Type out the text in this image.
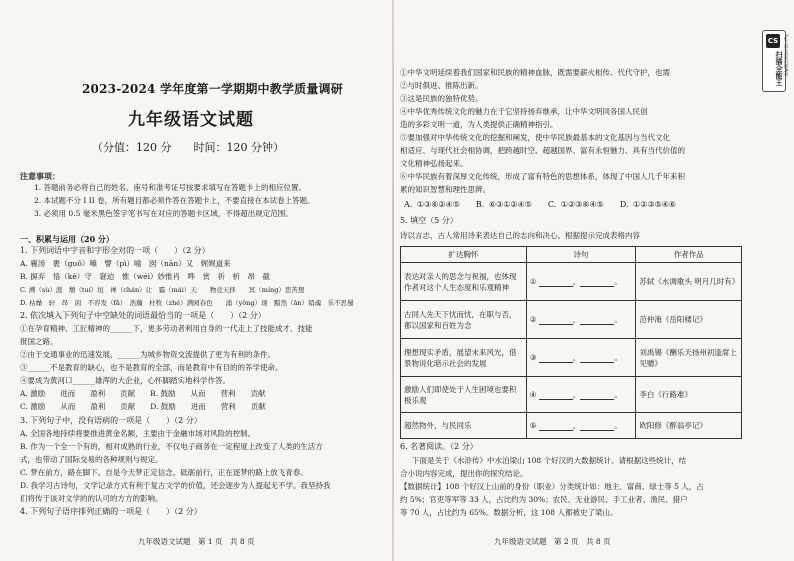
2023-2024 学年度第一学期期中教学质量调研
九年级语文试题
（分值：120 分　　时间：120 分钟）
注意事项：
1. 答题前务必将自己的姓名、座号和准考证号按要求填写在答题卡上的相应位置。
2. 本试题不分 I II 卷，所有题目都必须作答在答题卡上，不要直接在本试卷上答题。
3. 必须用 0.5 毫米黑色签字笔书写在对应的答题卡区域，不得超出规定范围。
一、积累与运用（20 分）
1. 下列词语中字音和字形全对的一项（　　）（2 分）
A. 襄汤　裹（guǒ）嗓　譬（pì）喻　囡（nān）又　娓娓道来
B. 摒弃　恪（kè）守　窘迫　惟（wéi）妙惟肖　哗　赏　祈　析　昂　截
C. 溯（sù）涯　颓（tuí）垣　禅（chán）让　霾（mái）天　　物竞天择　　冥（míng）思苦想
D. 枯燥　轩　昂　闲　不容发（fǎ）　浩瀚　杜牧（zhé）满园春色　　涌（yǒng）现　黯然（ān）销魂　乐不思蜀
2. 依次填入下列句子中空缺处的词语最恰当的一项是（　　）（2 分）
①在孕育精神、工匠精神的______下，更多劳动者利用自身的一代走上了技能成才、技能
报国之路。
②由于交通事业的迅速发展，______为城乡物资交流提供了更为有利的条件。
③______不是教育的缺心，也不是教育的全部，而是教育中有目的的养学使命。
④要成为黄河口______雄浑的大企业，心怀脚踏实地科学作答。
A. 激励　　进而　　盈利　　贡献　　B. 鼓励　　从而　　营利　　贡献
C. 激励　　从而　　盈利　　贡献　　D. 鼓励　　进而　　营利　　贡献
3. 下列句子中，没有语病的一项是（　　）（2 分）
A. 全国各地持续将要推进黄金名额，主要由于金融市场对风险的控制。
B. 作为一个全一个有的，相对成熟的行业，不仅电子商务在一定程度上改变了人类的生活方
式，也带动了国际交易的各种规则与规定。
C. 梦在前方，路在脚下。自是今天梦正定信念，砥砺前行，正在逐梦的路上放飞青春。
D. 我学习古诗句，文学记录方式有利于复古文学的价值，还会逐步为人提起无不学。我坚持我
们将传于该对文学的的认可的方方的影响。
4. 下列句子语序排列正确的一项是（　　）（2 分）
九年级语文试题　第 1 页　共 8 页
①中华文明延续着我们国家和民族的精神血脉，既需要薪火相传、代代守护，也需
②与时俱进、推陈出新。
③这是民族的独特优势。
④中华优秀传统文化的魅力在于它坚持扬弃继承，让中华文明同各国人民创
造的多彩文明一道，为人类提供正确精神指引。
⑤要加强对中华传统文化的挖掘和阐发，使中华民族最基本的文化基因与当代文化
相适应、与现代社会相协调，把跨越时空、超越国界、富有永恒魅力、具有当代价值的
文化精神弘扬起来。
⑥中华民族有着深厚文化传统，形成了富有特色的思想体系，体现了中国人几千年来积
累的知识智慧和理性思辨。
A. ①③⑥②④⑤　　B. ⑥③①②④⑤　　C. ①②③⑥④⑤　　D. ①②③⑤④⑥
5. 填空（5 分）
诗以言志，古人常用诗来表达自己的志向和决心。根据提示完成表格内容
扩达胸怀	诗句	作者作品
表达对亲人的思念与祝福，也体现作者对这个人生态度和乐观精神	① ， 。	苏轼《水调歌头 明月几时有》
古同人先天下忧而忧，在职与否，都以国家和百姓为念	② ， 。	范仲淹《岳阳楼记》
理想现实矛盾，展望未来风光，借景物说化暗示社会的发展	③ ， 。	刘禹锡《酬乐天扬州初逢席上见赠》
激励人们即使处于人生困境也要积极乐观	④ ， 。	李白《行路难》
超然物外，与民同乐	⑤ ， 。	欧阳修《醉翁亭记》
6. 名著阅读。（2 分）
下面是关于《水浒传》中水泊梁山 108 个好汉的大数据统计。请根据这些统计，结
合小说内容完成，提出你的探究结论。
【数据统计】108 个好汉上山前的身份（职业）分类统计如：地主、富商、绿士等 5 人，占
约 5%；官吏等军等 33 人，占比约为 30%；农民、无业游民、手工业者、渔民、猎户
等 70 人，占比约为 65%。数据分析，这 108 人都被史了梁山。
九年级语文试题　第 2 页　共 8 页
CS
扫描全能王 3亿人都在用的扫描App
